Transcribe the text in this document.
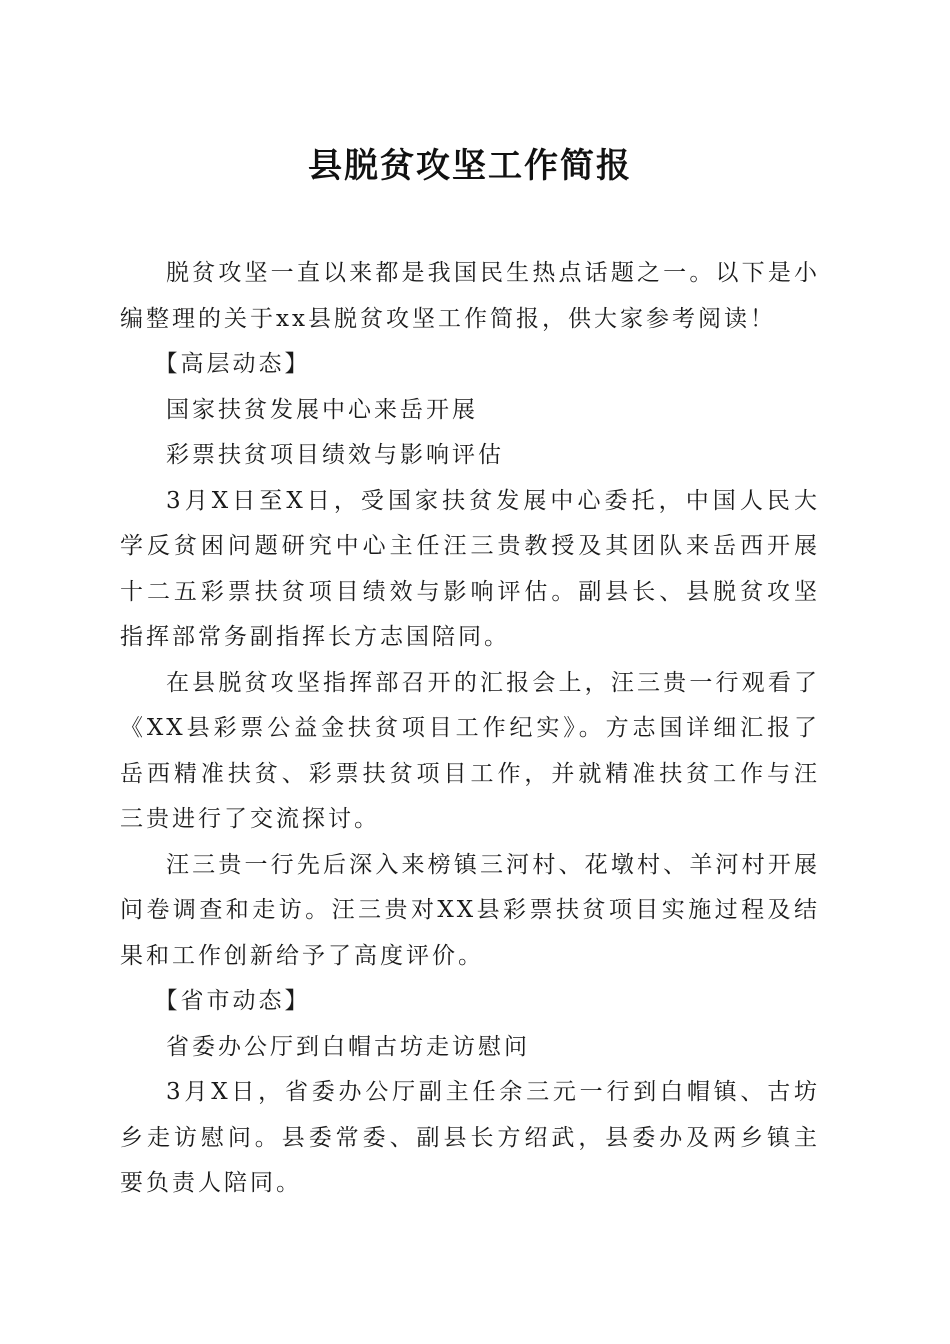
县脱贫攻坚工作简报

脱贫攻坚一直以来都是我国民生热点话题之一。以下是小编整理的关于xx县脱贫攻坚工作简报，供大家参考阅读！

【高层动态】

国家扶贫发展中心来岳开展

彩票扶贫项目绩效与影响评估

3月X日至X日，受国家扶贫发展中心委托，中国人民大学反贫困问题研究中心主任汪三贵教授及其团队来岳西开展十二五彩票扶贫项目绩效与影响评估。副县长、县脱贫攻坚指挥部常务副指挥长方志国陪同。

在县脱贫攻坚指挥部召开的汇报会上，汪三贵一行观看了《XX县彩票公益金扶贫项目工作纪实》。方志国详细汇报了岳西精准扶贫、彩票扶贫项目工作，并就精准扶贫工作与汪三贵进行了交流探讨。

汪三贵一行先后深入来榜镇三河村、花墩村、羊河村开展问卷调查和走访。汪三贵对XX县彩票扶贫项目实施过程及结果和工作创新给予了高度评价。

【省市动态】

省委办公厅到白帽古坊走访慰问

3月X日，省委办公厅副主任余三元一行到白帽镇、古坊乡走访慰问。县委常委、副县长方绍武，县委办及两乡镇主要负责人陪同。
